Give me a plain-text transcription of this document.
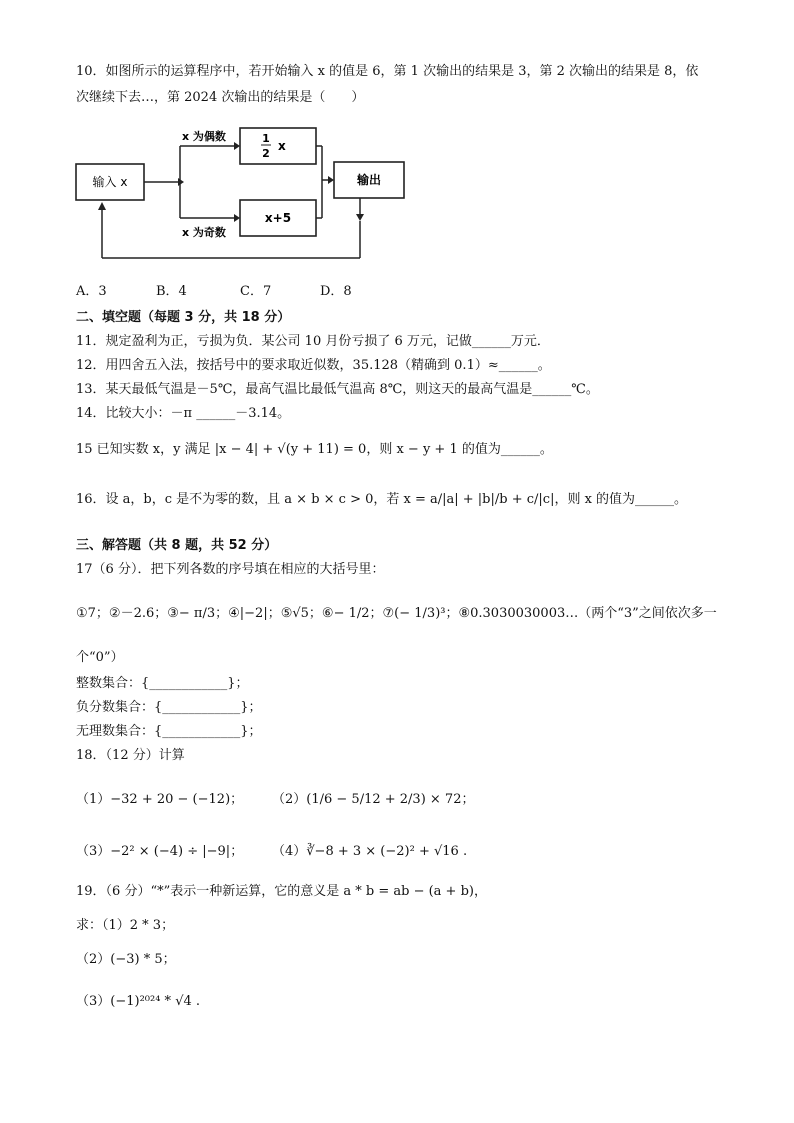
10．如图所示的运算程序中，若开始输入 x 的值是 6，第 1 次输出的结果是 3，第 2 次输出的结果是 8，依
次继续下去…，第 2024 次输出的结果是（　　）
输入 x
x 为偶数
x 为奇数
1
2
x
x+5
输出
A．3	B．4	C．7	D．8
二、填空题（每题 3 分，共 18 分）
11．规定盈利为正，亏损为负．某公司 10 月份亏损了 6 万元，记做______万元．
12．用四舍五入法，按括号中的要求取近似数，35.128（精确到 0.1）≈______。
13．某天最低气温是－5℃，最高气温比最低气温高 8℃，则这天的最高气温是______℃。
14．比较大小：－π ______－3.14。
15 已知实数 x，y 满足 |x − 4| + √(y + 11) = 0，则 x − y + 1 的值为______。
16．设 a，b，c 是不为零的数，且 a × b × c > 0，若 x = a/|a| + |b|/b + c/|c|，则 x 的值为______。
三、解答题（共 8 题，共 52 分）
17（6 分）．把下列各数的序号填在相应的大括号里：
①7；②－2.6；③− π/3；④|−2|；⑤√5；⑥− 1/2；⑦(− 1/3)³；⑧0.3030030003…（两个“3”之间依次多一
个“0”）
整数集合：{____________}；
负分数集合：{____________}；
无理数集合：{____________}；
18．（12 分）计算
（1）−32 + 20 − (−12)； （2）(1/6 − 5/12 + 2/3) × 72；
（3）−2² × (−4) ÷ |−9|； （4）∛−8 + 3 × (−2)² + √16 .
19．（6 分）“*”表示一种新运算，它的意义是 a * b = ab − (a + b)，
求：（1）2 * 3；
（2）(−3) * 5；
（3）(−1)²⁰²⁴ * √4 .
